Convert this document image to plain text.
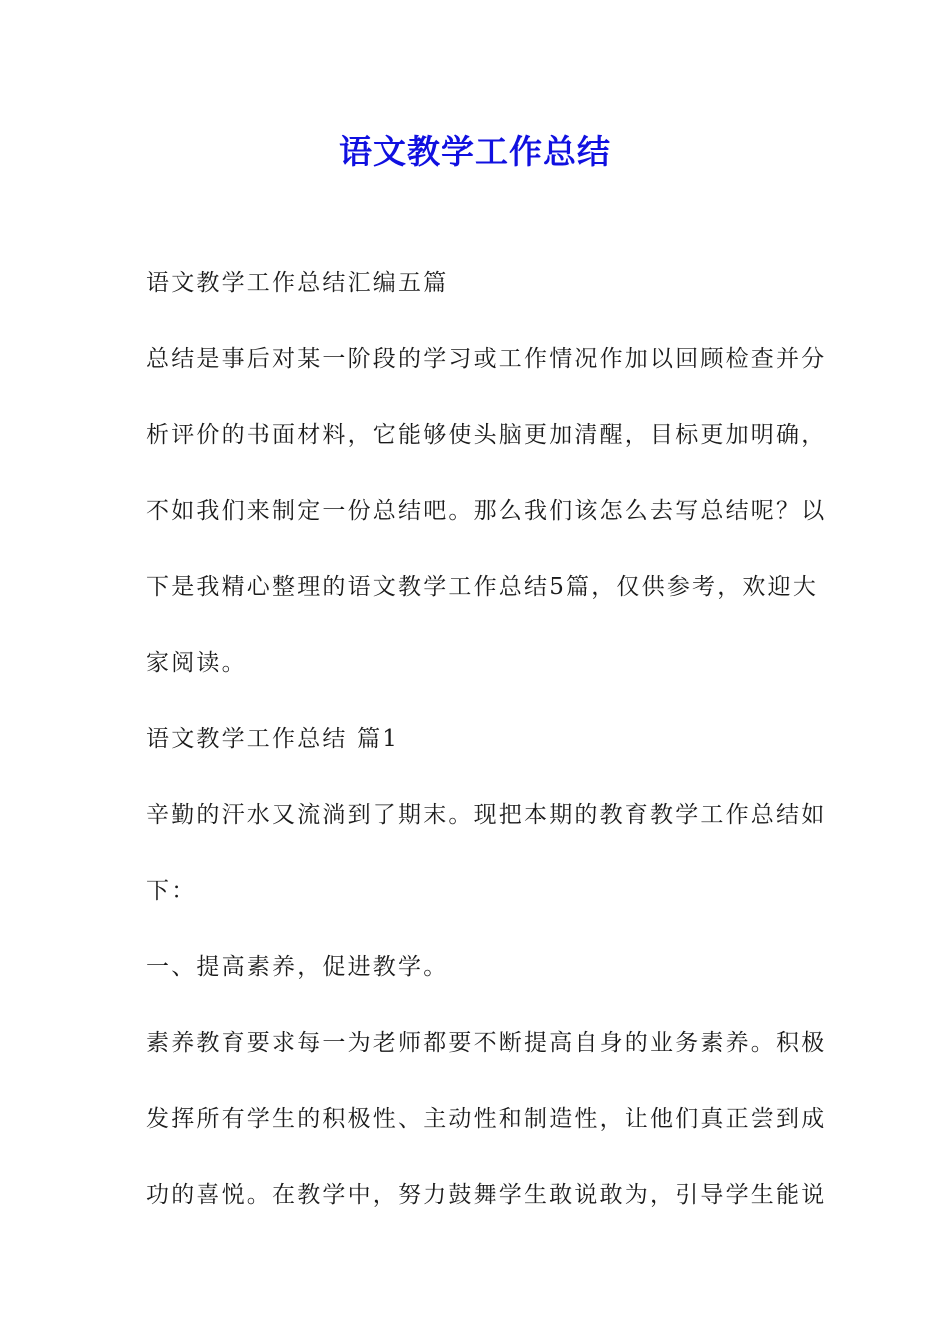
语文教学工作总结

语文教学工作总结汇编五篇

总结是事后对某一阶段的学习或工作情况作加以回顾检查并分
析评价的书面材料，它能够使头脑更加清醒，目标更加明确，
不如我们来制定一份总结吧。那么我们该怎么去写总结呢？以
下是我精心整理的语文教学工作总结5篇，仅供参考，欢迎大
家阅读。

语文教学工作总结 篇1

辛勤的汗水又流淌到了期末。现把本期的教育教学工作总结如
下：

一、提高素养，促进教学。

素养教育要求每一为老师都要不断提高自身的业务素养。积极
发挥所有学生的积极性、主动性和制造性，让他们真正尝到成
功的喜悦。在教学中，努力鼓舞学生敢说敢为，引导学生能说
